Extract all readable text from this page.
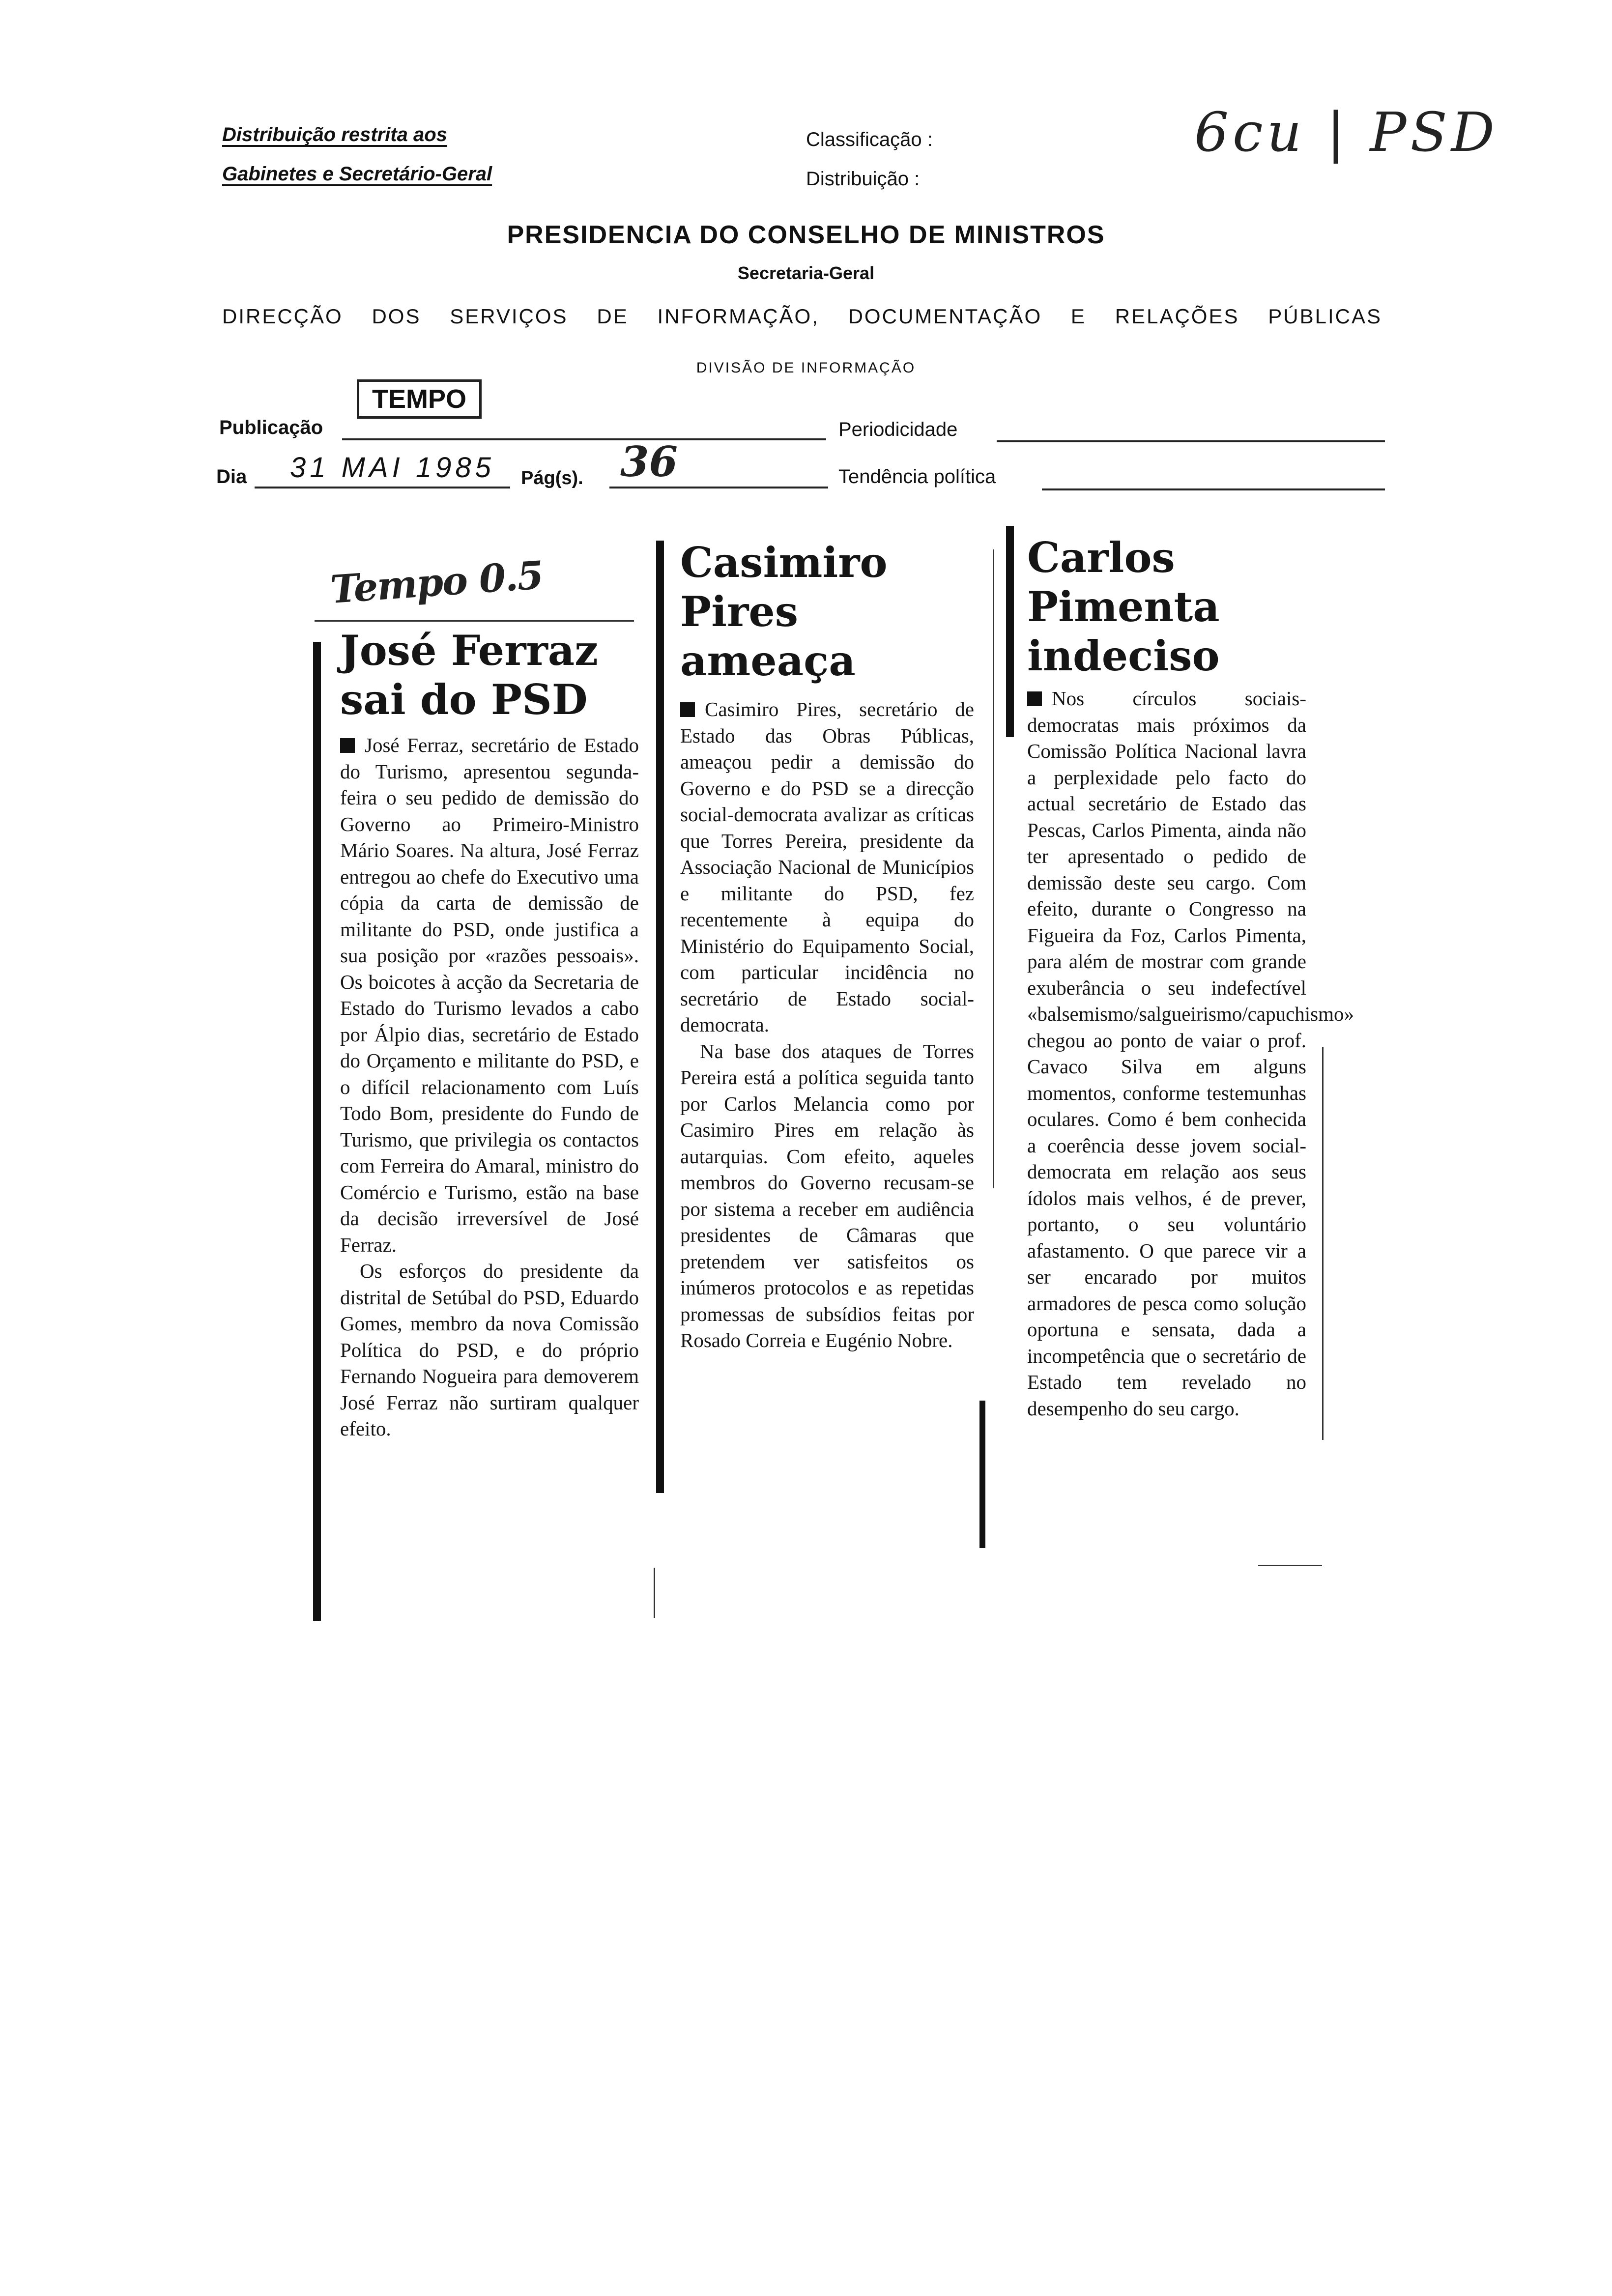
Distribuição restrita aos
Gabinetes e Secretário-Geral
Classificação :
Distribuição :
6cu | PSD
PRESIDENCIA DO CONSELHO DE MINISTROS
Secretaria-Geral
DIRECÇÃO DOS SERVIÇOS DE INFORMAÇÃO, DOCUMENTAÇÃO E RELAÇÕES PÚBLICAS
DIVISÃO DE INFORMAÇÃO
Publicação
TEMPO
Periodicidade
Dia 31 MAI 1985 Pág(s). 36	Tendência política
Tempo 0.5
José Ferraz
sai do PSD

José Ferraz, secretário de Estado do Turismo, apresentou segunda-feira o seu pedido de demissão do Governo ao Primeiro-Ministro Mário Soares. Na altura, José Ferraz entregou ao chefe do Executivo uma cópia da carta de demissão de militante do PSD, onde justifica a sua posição por «razões pessoais». Os boicotes à acção da Secretaria de Estado do Turismo levados a cabo por Álpio dias, secretário de Estado do Orçamento e militante do PSD, e o difícil relacionamento com Luís Todo Bom, presidente do Fundo de Turismo, que privilegia os contactos com Ferreira do Amaral, ministro do Comércio e Turismo, estão na base da decisão irreversível de José Ferraz.

Os esforços do presidente da distrital de Setúbal do PSD, Eduardo Gomes, membro da nova Comissão Política do PSD, e do próprio Fernando Nogueira para demoverem José Ferraz não surtiram qualquer efeito.

Casimiro
Pires
ameaça

Casimiro Pires, secretário de Estado das Obras Públicas, ameaçou pedir a demissão do Governo e do PSD se a direcção social-democrata avalizar as críticas que Torres Pereira, presidente da Associação Nacional de Municípios e militante do PSD, fez recentemente à equipa do Ministério do Equipamento Social, com particular incidência no secretário de Estado social-democrata.

Na base dos ataques de Torres Pereira está a política seguida tanto por Carlos Melancia como por Casimiro Pires em relação às autarquias. Com efeito, aqueles membros do Governo recusam-se por sistema a receber em audiência presidentes de Câmaras que pretendem ver satisfeitos os inúmeros protocolos e as repetidas promessas de subsídios feitas por Rosado Correia e Eugénio Nobre.

Carlos
Pimenta
indeciso

Nos círculos sociais-democratas mais próximos da Comissão Política Nacional lavra a perplexidade pelo facto do actual secretário de Estado das Pescas, Carlos Pimenta, ainda não ter apresentado o pedido de demissão deste seu cargo. Com efeito, durante o Congresso na Figueira da Foz, Carlos Pimenta, para além de mostrar com grande exuberância o seu indefectível «balsemismo/salgueirismo/capuchismo» chegou ao ponto de vaiar o prof. Cavaco Silva em alguns momentos, conforme testemunhas oculares. Como é bem conhecida a coerência desse jovem social-democrata em relação aos seus ídolos mais velhos, é de prever, portanto, o seu voluntário afastamento. O que parece vir a ser encarado por muitos armadores de pesca como solução oportuna e sensata, dada a incompetência que o secretário de Estado tem revelado no desempenho do seu cargo.
